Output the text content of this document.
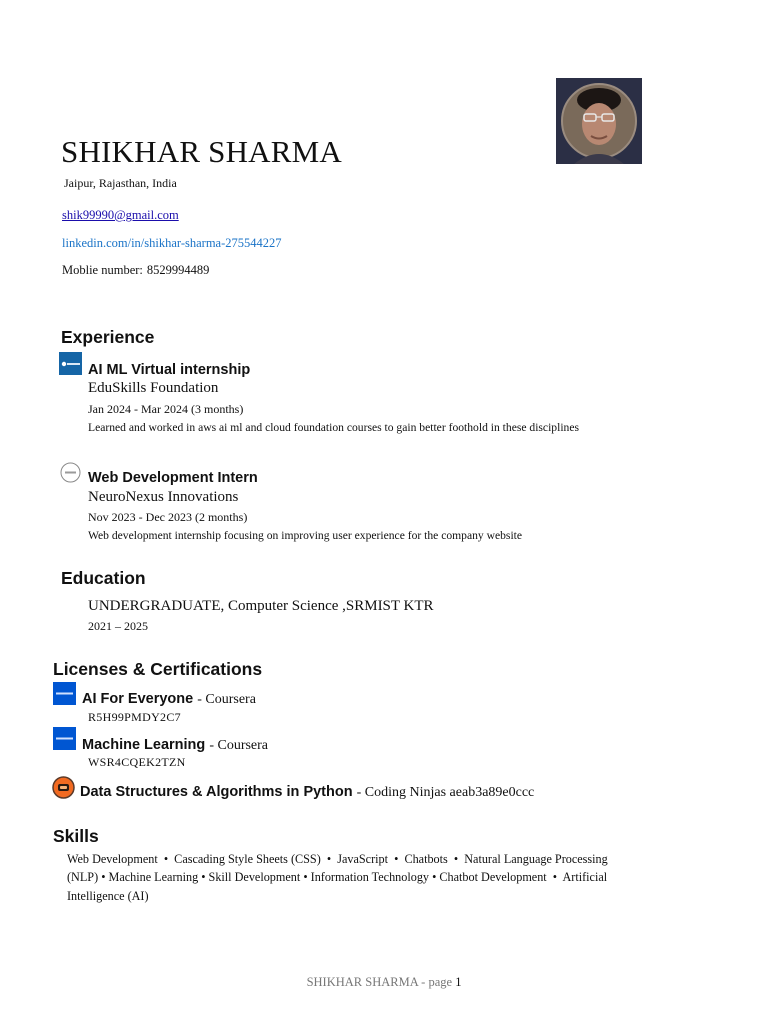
SHIKHAR SHARMA
Jaipur, Rajasthan, India
shik99990@gmail.com
linkedin.com/in/shikhar-sharma-275544227
Moblie number: 8529994489
Experience
AI ML Virtual internship
EduSkills Foundation
Jan 2024 - Mar 2024 (3 months)
Learned and worked in aws ai ml and cloud foundation courses to gain better foothold in these disciplines
Web Development Intern
NeuroNexus Innovations
Nov 2023 - Dec 2023 (2 months)
Web development internship focusing on improving user experience for the company website
Education
UNDERGRADUATE, Computer Science ,SRMIST KTR
2021 – 2025
Licenses & Certifications
AI For Everyone - Coursera
R5H99PMDY2C7
Machine Learning - Coursera
WSR4CQEK2TZN
Data Structures & Algorithms in Python - Coding Ninjas aeab3a89e0ccc
Skills
Web Development  •  Cascading Style Sheets (CSS)  •  JavaScript  •  Chatbots  •  Natural Language Processing
(NLP) • Machine Learning • Skill Development • Information Technology • Chatbot Development  •  Artificial
Intelligence (AI)
SHIKHAR SHARMA - page 1
